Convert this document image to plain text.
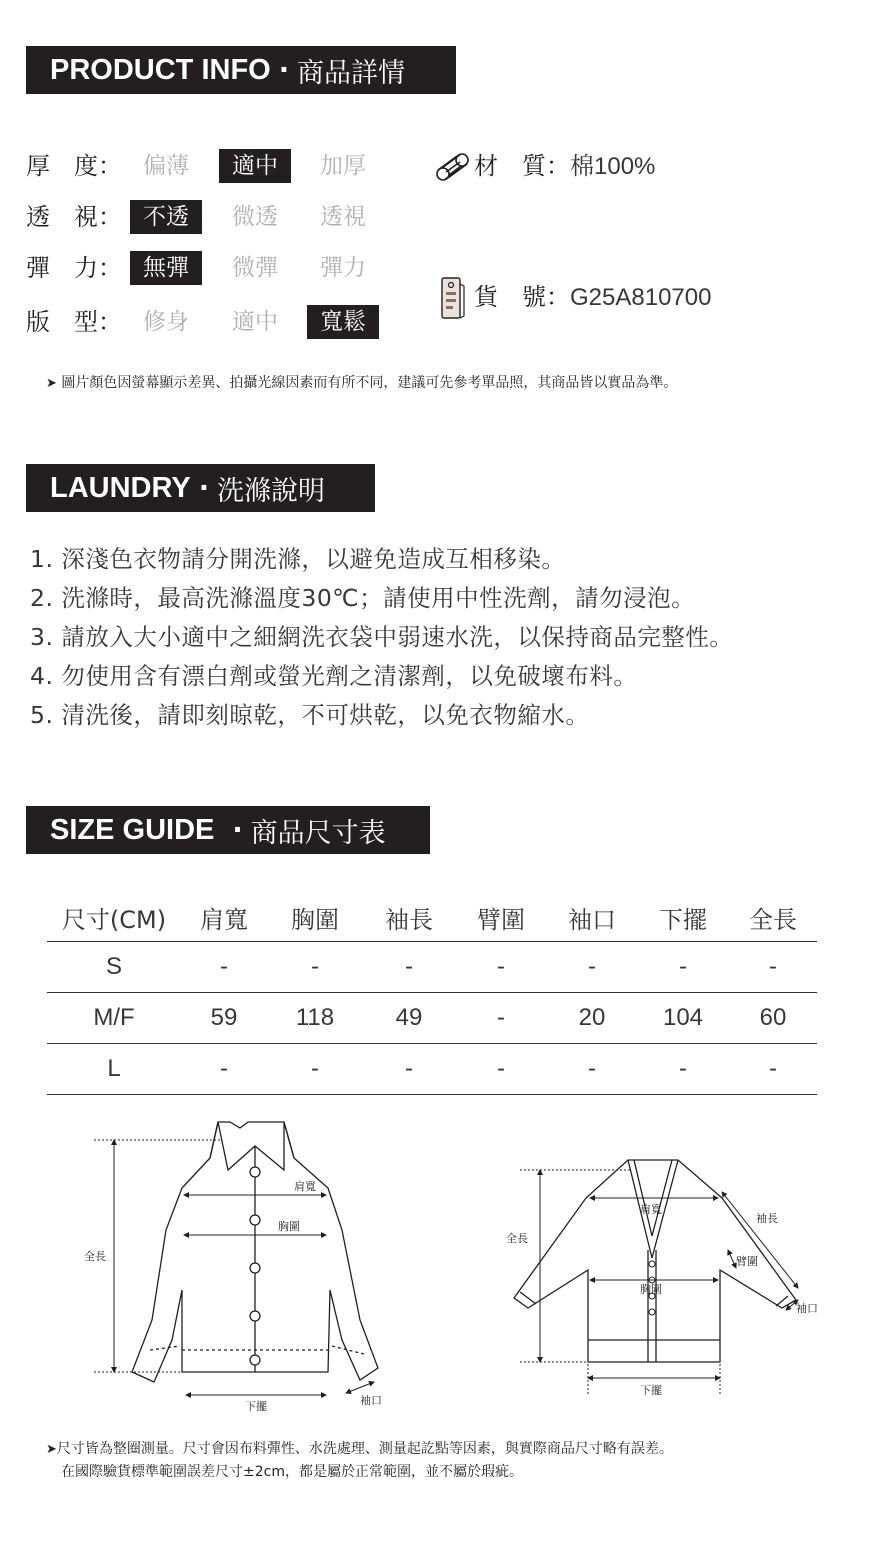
PRODUCT INFO · 商品詳情
厚　度： 偏薄	適中	加厚
透　視： 不透	微透	透視
彈　力： 無彈	微彈	彈力
版　型： 修身	適中	寬鬆
材　質：棉100%
貨　號：G25A810700
➤ 圖片顏色因螢幕顯示差異、拍攝光線因素而有所不同，建議可先參考單品照，其商品皆以實品為準。
LAUNDRY · 洗滌說明
1. 深淺色衣物請分開洗滌，以避免造成互相移染。
2. 洗滌時，最高洗滌溫度30℃；請使用中性洗劑，請勿浸泡。
3. 請放入大小適中之細網洗衣袋中弱速水洗，以保持商品完整性。
4. 勿使用含有漂白劑或螢光劑之清潔劑，以免破壞布料。
5. 清洗後，請即刻晾乾，不可烘乾，以免衣物縮水。
SIZE GUIDE · 商品尺寸表
尺寸(CM)	肩寬	胸圍	袖長	臂圍	袖口	下擺	全長
S	-	-	-	-	-	-	-
M/F	59	118	49	-	20	104	60
L	-	-	-	-	-	-	-
全長
肩寬
胸圍
下擺	袖口
全長
肩寬
袖長
臂圍
胸圍
袖口
下擺
➤尺寸皆為整圈測量。尺寸會因布料彈性、水洗處理、測量起訖點等因素，與實際商品尺寸略有誤差。
在國際驗貨標準範圍誤差尺寸±2cm，都是屬於正常範圍，並不屬於瑕疵。
